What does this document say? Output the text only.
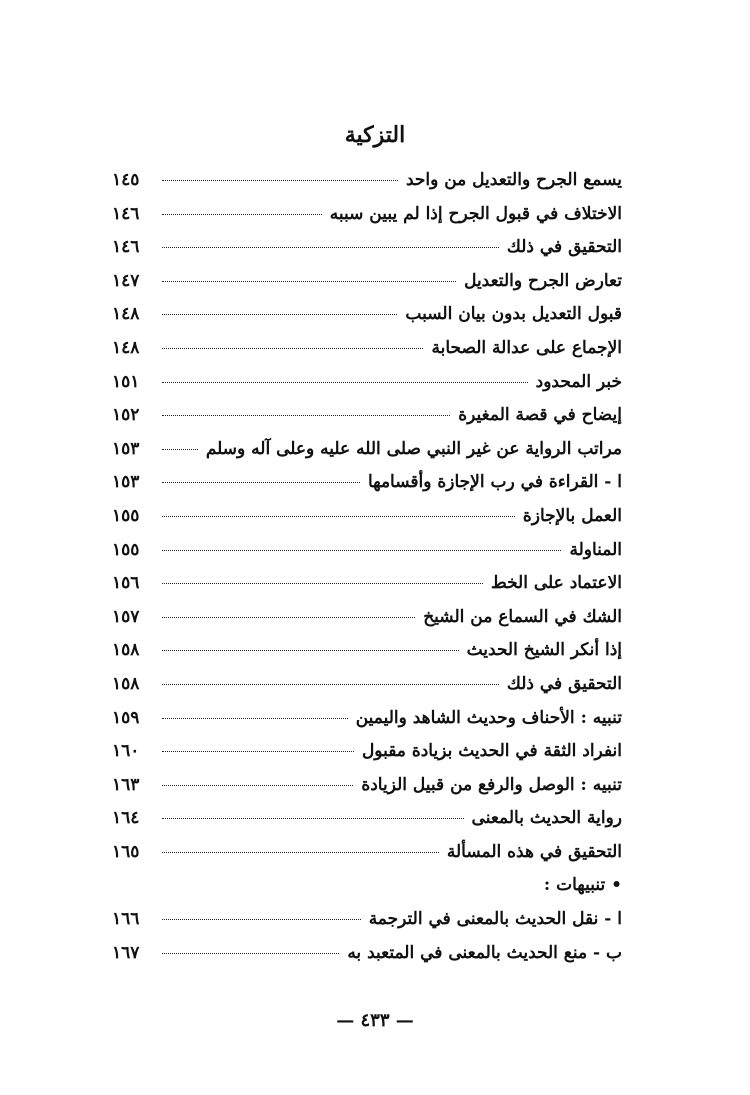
التزكية
يسمع الجرح والتعديل من واحد
١٤٥
الاختلاف في قبول الجرح إذا لم يبين سببه
١٤٦
التحقيق في ذلك
١٤٦
تعارض الجرح والتعديل
١٤٧
قبول التعديل بدون بيان السبب
١٤٨
الإجماع على عدالة الصحابة
١٤٨
خبر المحدود
١٥١
إيضاح في قصة المغيرة
١٥٢
مراتب الرواية عن غير النبي صلى الله عليه وعلى آله وسلم
١٥٣
ا - القراءة في رب الإجازة وأقسامها
١٥٣
العمل بالإجازة
١٥٥
المناولة
١٥٥
الاعتماد على الخط
١٥٦
الشك في السماع من الشيخ
١٥٧
إذا أنكر الشيخ الحديث
١٥٨
التحقيق في ذلك
١٥٨
تنبيه : الأحناف وحديث الشاهد واليمين
١٥٩
انفراد الثقة في الحديث بزيادة مقبول
١٦٠
تنبيه : الوصل والرفع من قبيل الزيادة
١٦٣
رواية الحديث بالمعنى
١٦٤
التحقيق في هذه المسألة
١٦٥
• تنبيهات :
ا - نقل الحديث بالمعنى في الترجمة
١٦٦
ب - منع الحديث بالمعنى في المتعبد به
١٦٧
— ٤٣٣ —
